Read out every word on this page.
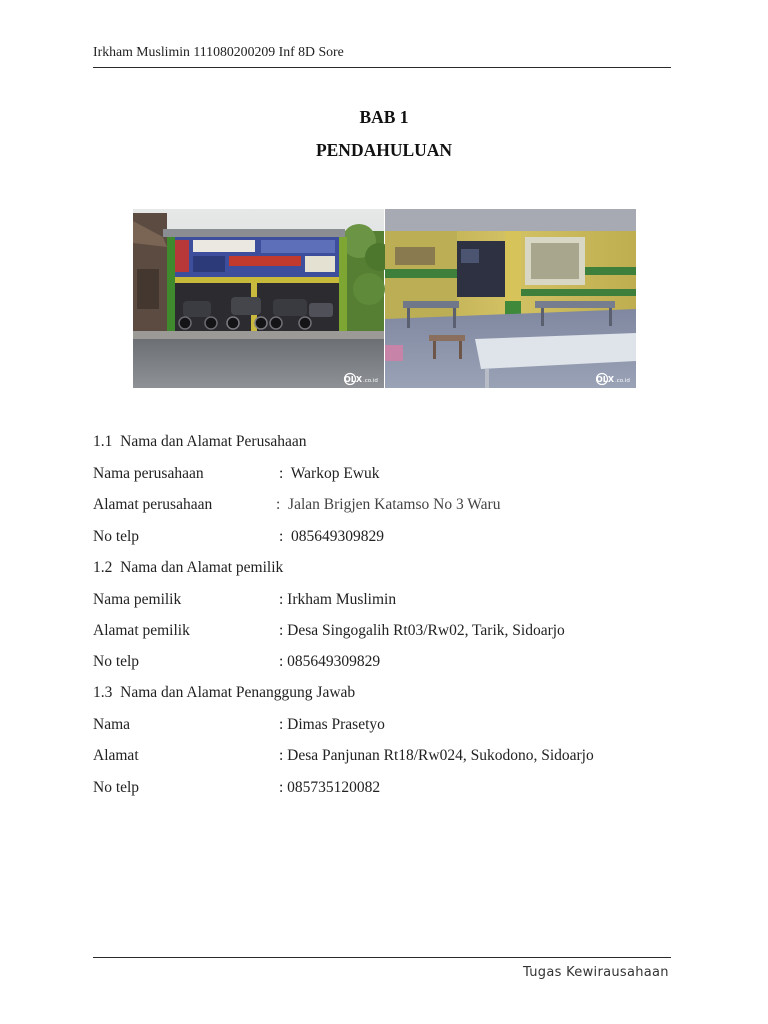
Irkham Muslimin 111080200209 Inf 8D Sore
BAB 1
PENDAHULUAN
OLX .co.id	OLX .co.id
1.1  Nama dan Alamat Perusahaan
Nama perusahaan	:  Warkop Ewuk
Alamat perusahaan	:  Jalan Brigjen Katamso No 3 Waru
No telp	:  085649309829
1.2  Nama dan Alamat pemilik
Nama pemilik	: Irkham Muslimin
Alamat pemilik	: Desa Singogalih Rt03/Rw02, Tarik, Sidoarjo
No telp	: 085649309829
1.3  Nama dan Alamat Penanggung Jawab
Nama	: Dimas Prasetyo
Alamat	: Desa Panjunan Rt18/Rw024, Sukodono, Sidoarjo
No telp	: 085735120082
Tugas Kewirausahaan
